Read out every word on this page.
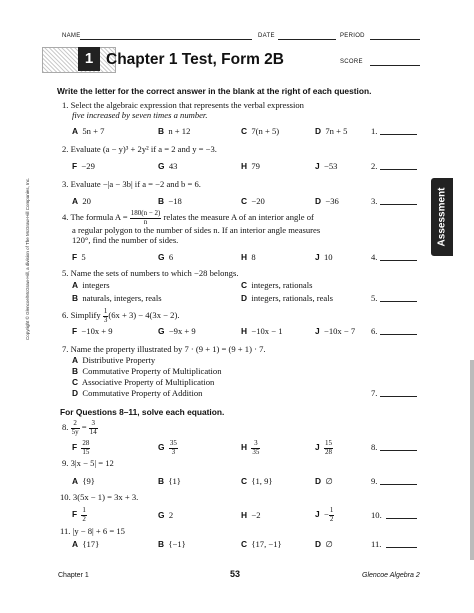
NAME	DATE	PERIOD
1 Chapter 1 Test, Form 2B	SCORE
Write the letter for the correct answer in the blank at the right of each question.
Assessment
Copyright © Glencoe/McGraw-Hill, a division of The McGraw-Hill Companies, Inc.
1. Select the algebraic expression that represents the verbal expression
five increased by seven times a number.
A 5n + 7	B n + 12	C 7(n + 5)	D 7n + 5	1.
2. Evaluate (a − y)³ + 2y² if a = 2 and y = −3.
F −29	G 43	H 79	J −53	2.
3. Evaluate −|a − 3b| if a = −2 and b = 6.
A 20	B −18	C −20	D −36	3.
4. The formula $A = \frac{180(n - 2)}{n}$ relates the measure A of an interior angle of
a regular polygon to the number of sides n. If an interior angle measures
120°, find the number of sides.
F 5	G 6	H 8	J 10	4.
5. Name the sets of numbers to which −28 belongs.
A integers	C integers, rationals
B naturals, integers, reals	D integers, rationals, reals	5.
6. Simplify $\frac{1}{3} (6x + 3) - 4(3x - 2)$.
F −10x + 9	G −9x + 9	H −10x − 1	J −10x − 7 6.
7. Name the property illustrated by 7 · (9 + 1) = (9 + 1) · 7.
A Distributive Property
B Commutative Property of Multiplication
C Associative Property of Multiplication
D Commutative Property of Addition	7.
For Questions 8–11, solve each equation.
8. $\frac{2}{5y} = \frac{3}{14}$
F $\frac{28}{15}$	G $\frac{35}{3}$	H $\frac{3}{35}$	J $\frac{15}{28}$	8.
9. 3|x − 5| = 12
A {9}	B {1}	C {1, 9}	D ∅	9.
10. 3(5x − 1) = 3x + 3.
F $\frac{1}{2}$	G 2	H −2	$J - \frac{1}{2}$	10.
11. |y − 8| + 6 = 15
A {17}	B {−1}	C {17, −1}	D ∅	11.
Chapter 1	53	Glencoe Algebra 2
